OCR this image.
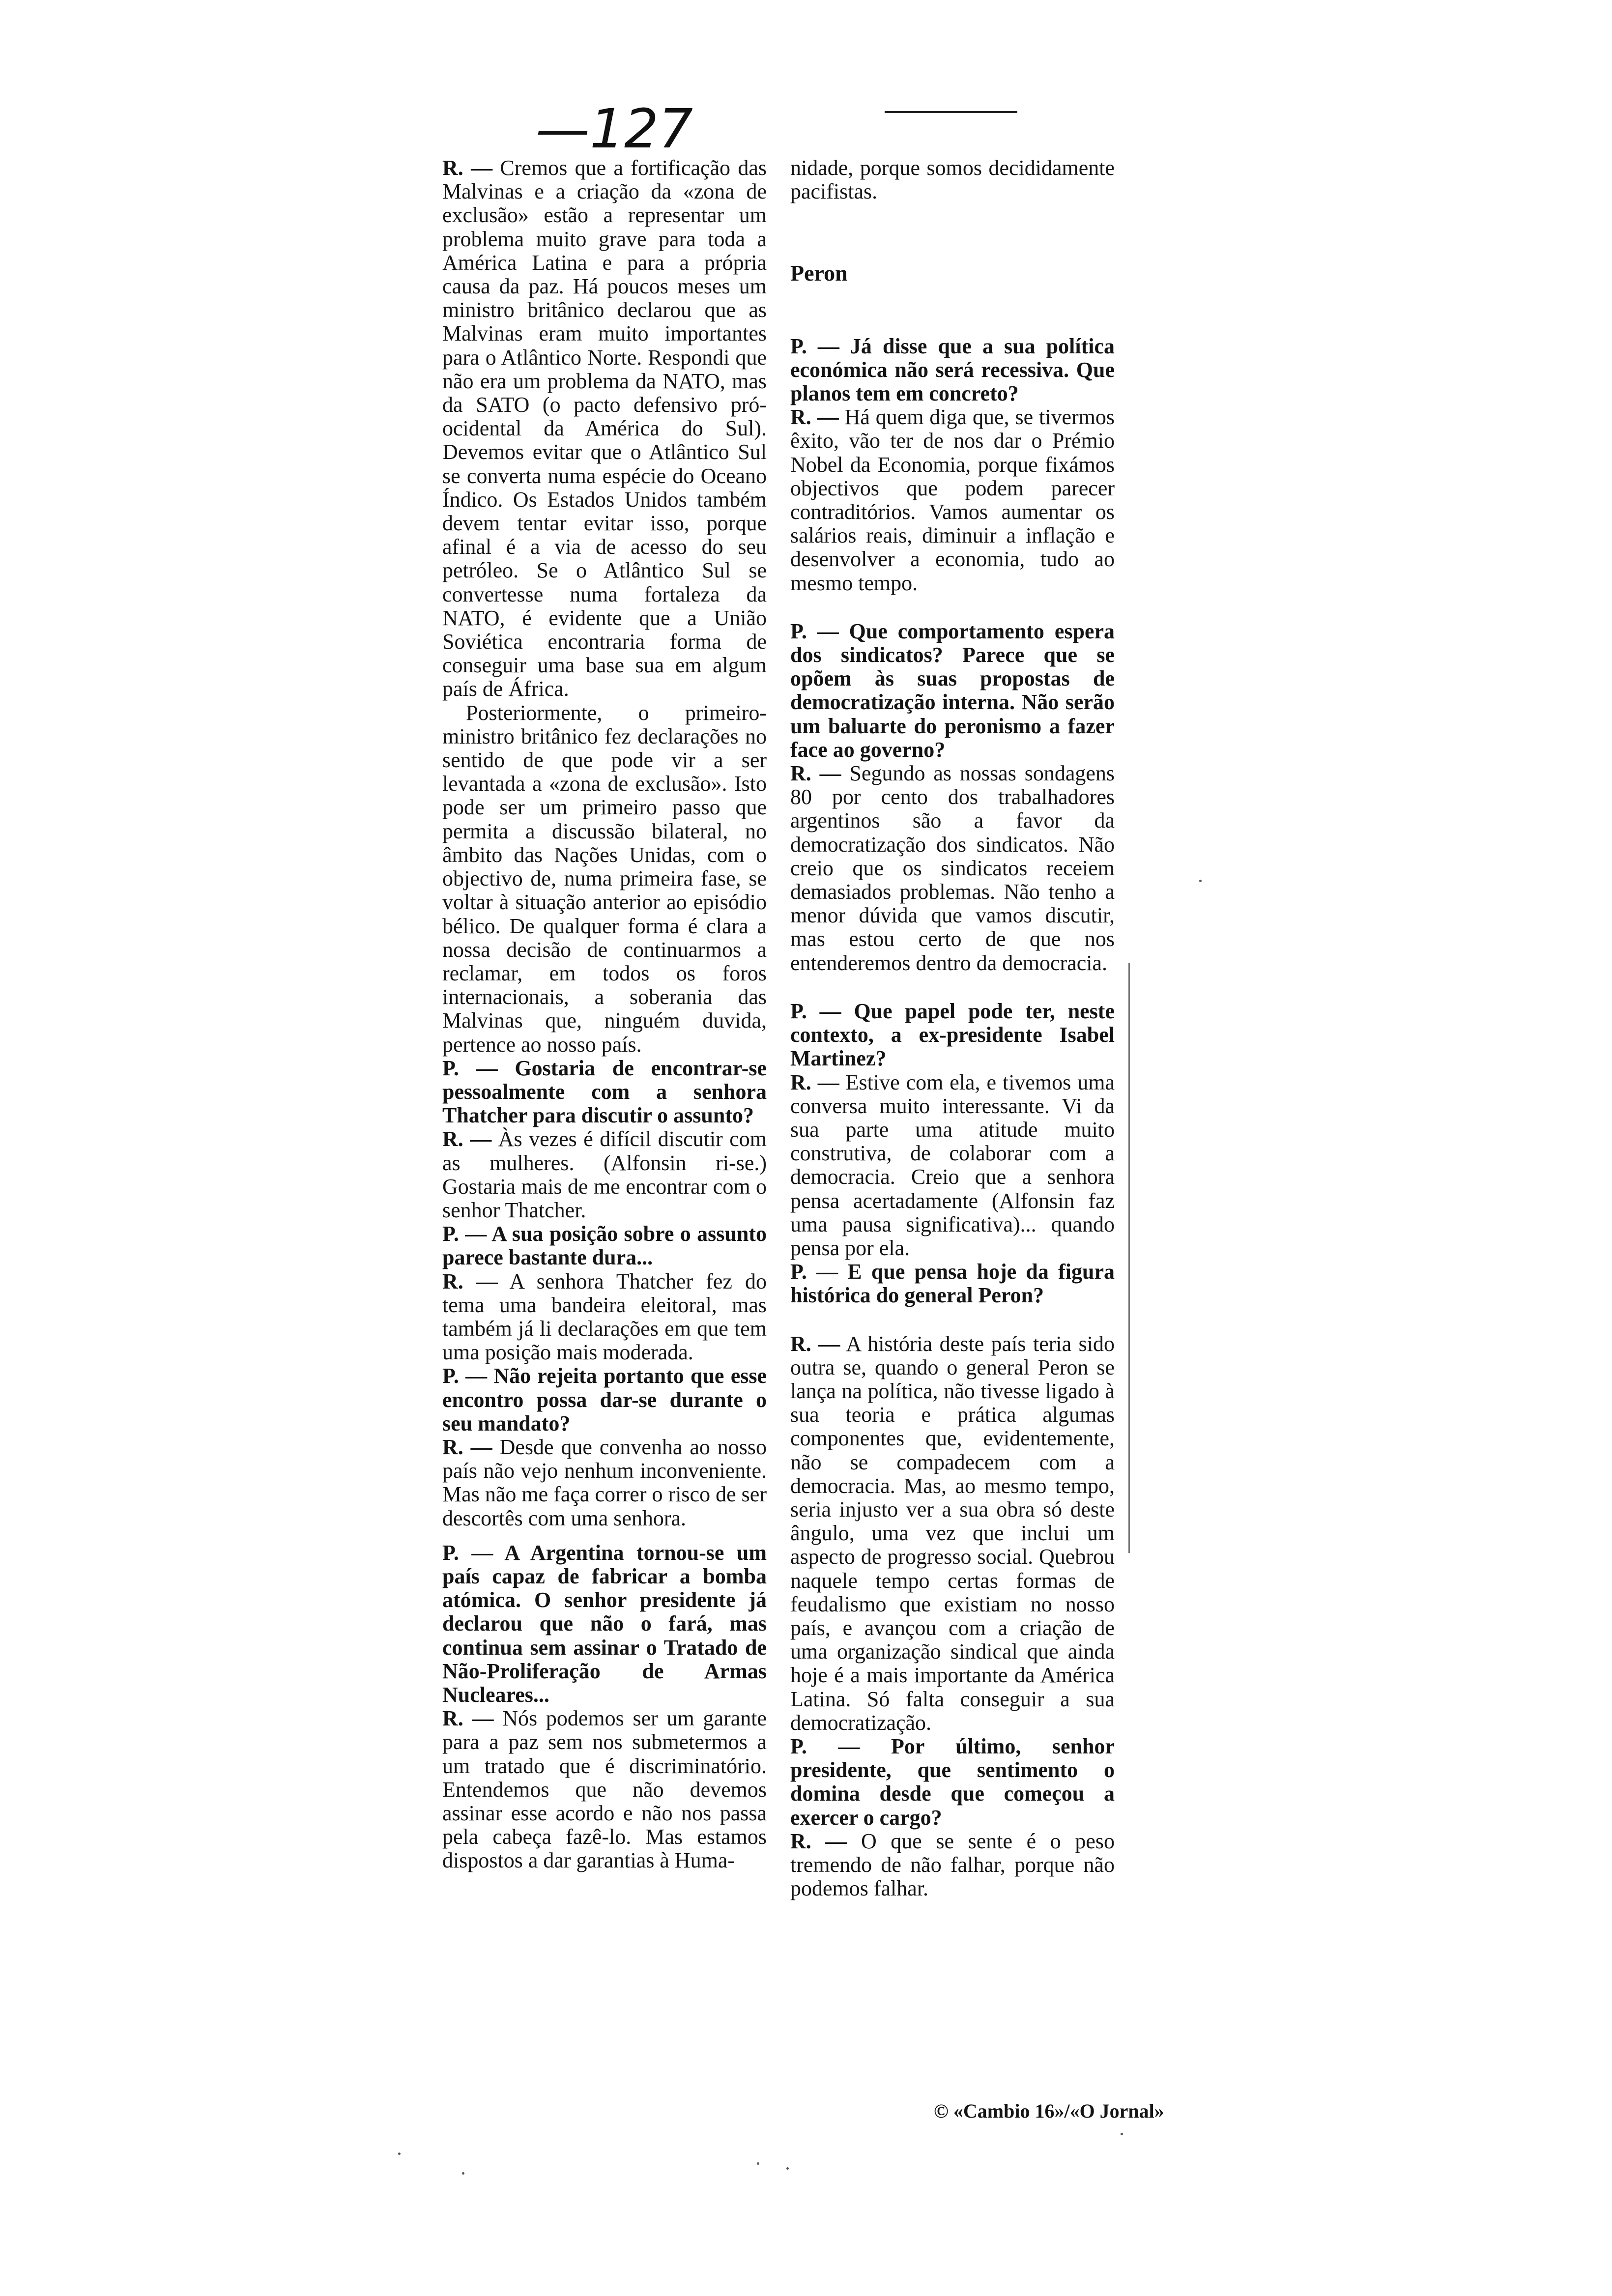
—127

R. — Cremos que a fortificação das Malvinas e a criação da «zona de exclusão» estão a representar um problema muito grave para toda a América Latina e para a própria causa da paz. Há poucos meses um ministro britânico declarou que as Malvinas eram muito importantes para o Atlântico Norte. Respondi que não era um problema da NATO, mas da SATO (o pacto defensivo pró-ocidental da América do Sul). Devemos evitar que o Atlântico Sul se converta numa espécie do Oceano Índico. Os Estados Unidos também devem tentar evitar isso, porque afinal é a via de acesso do seu petróleo. Se o Atlântico Sul se convertesse numa fortaleza da NATO, é evidente que a União Soviética encontraria forma de conseguir uma base sua em algum país de África.

Posteriormente, o primeiro-ministro britânico fez declarações no sentido de que pode vir a ser levantada a «zona de exclusão». Isto pode ser um primeiro passo que permita a discussão bilateral, no âmbito das Nações Unidas, com o objectivo de, numa primeira fase, se voltar à situação anterior ao episódio bélico. De qualquer forma é clara a nossa decisão de continuarmos a reclamar, em todos os foros internacionais, a soberania das Malvinas que, ninguém duvida, pertence ao nosso país.

P. — Gostaria de encontrar-se pessoalmente com a senhora Thatcher para discutir o assunto?

R. — Às vezes é difícil discutir com as mulheres. (Alfonsin ri-se.) Gostaria mais de me encontrar com o senhor Thatcher.

P. — A sua posição sobre o assunto parece bastante dura...

R. — A senhora Thatcher fez do tema uma bandeira eleitoral, mas também já li declarações em que tem uma posição mais moderada.

P. — Não rejeita portanto que esse encontro possa dar-se durante o seu mandato?

R. — Desde que convenha ao nosso país não vejo nenhum inconveniente. Mas não me faça correr o risco de ser descortês com uma senhora.

P. — A Argentina tornou-se um país capaz de fabricar a bomba atómica. O senhor presidente já declarou que não o fará, mas continua sem assinar o Tratado de Não-Proliferação de Armas Nucleares...

R. — Nós podemos ser um garante para a paz sem nos submetermos a um tratado que é discriminatório. Entendemos que não devemos assinar esse acordo e não nos passa pela cabeça fazê-lo. Mas estamos dispostos a dar garantias à Huma-

nidade, porque somos decididamente pacifistas.

Peron

P. — Já disse que a sua política económica não será recessiva. Que planos tem em concreto?

R. — Há quem diga que, se tivermos êxito, vão ter de nos dar o Prémio Nobel da Economia, porque fixámos objectivos que podem parecer contraditórios. Vamos aumentar os salários reais, diminuir a inflação e desenvolver a economia, tudo ao mesmo tempo.

P. — Que comportamento espera dos sindicatos? Parece que se opõem às suas propostas de democratização interna. Não serão um baluarte do peronismo a fazer face ao governo?

R. — Segundo as nossas sondagens 80 por cento dos trabalhadores argentinos são a favor da democratização dos sindicatos. Não creio que os sindicatos receiem demasiados problemas. Não tenho a menor dúvida que vamos discutir, mas estou certo de que nos entenderemos dentro da democracia.

P. — Que papel pode ter, neste contexto, a ex-presidente Isabel Martinez?

R. — Estive com ela, e tivemos uma conversa muito interessante. Vi da sua parte uma atitude muito construtiva, de colaborar com a democracia. Creio que a senhora pensa acertadamente (Alfonsin faz uma pausa significativa)... quando pensa por ela.

P. — E que pensa hoje da figura histórica do general Peron?

R. — A história deste país teria sido outra se, quando o general Peron se lança na política, não tivesse ligado à sua teoria e prática algumas componentes que, evidentemente, não se compadecem com a democracia. Mas, ao mesmo tempo, seria injusto ver a sua obra só deste ângulo, uma vez que inclui um aspecto de progresso social. Quebrou naquele tempo certas formas de feudalismo que existiam no nosso país, e avançou com a criação de uma organização sindical que ainda hoje é a mais importante da América Latina. Só falta conseguir a sua democratização.

P. — Por último, senhor presidente, que sentimento o domina desde que começou a exercer o cargo?

R. — O que se sente é o peso tremendo de não falhar, porque não podemos falhar.

© «Cambio 16»/«O Jornal»
